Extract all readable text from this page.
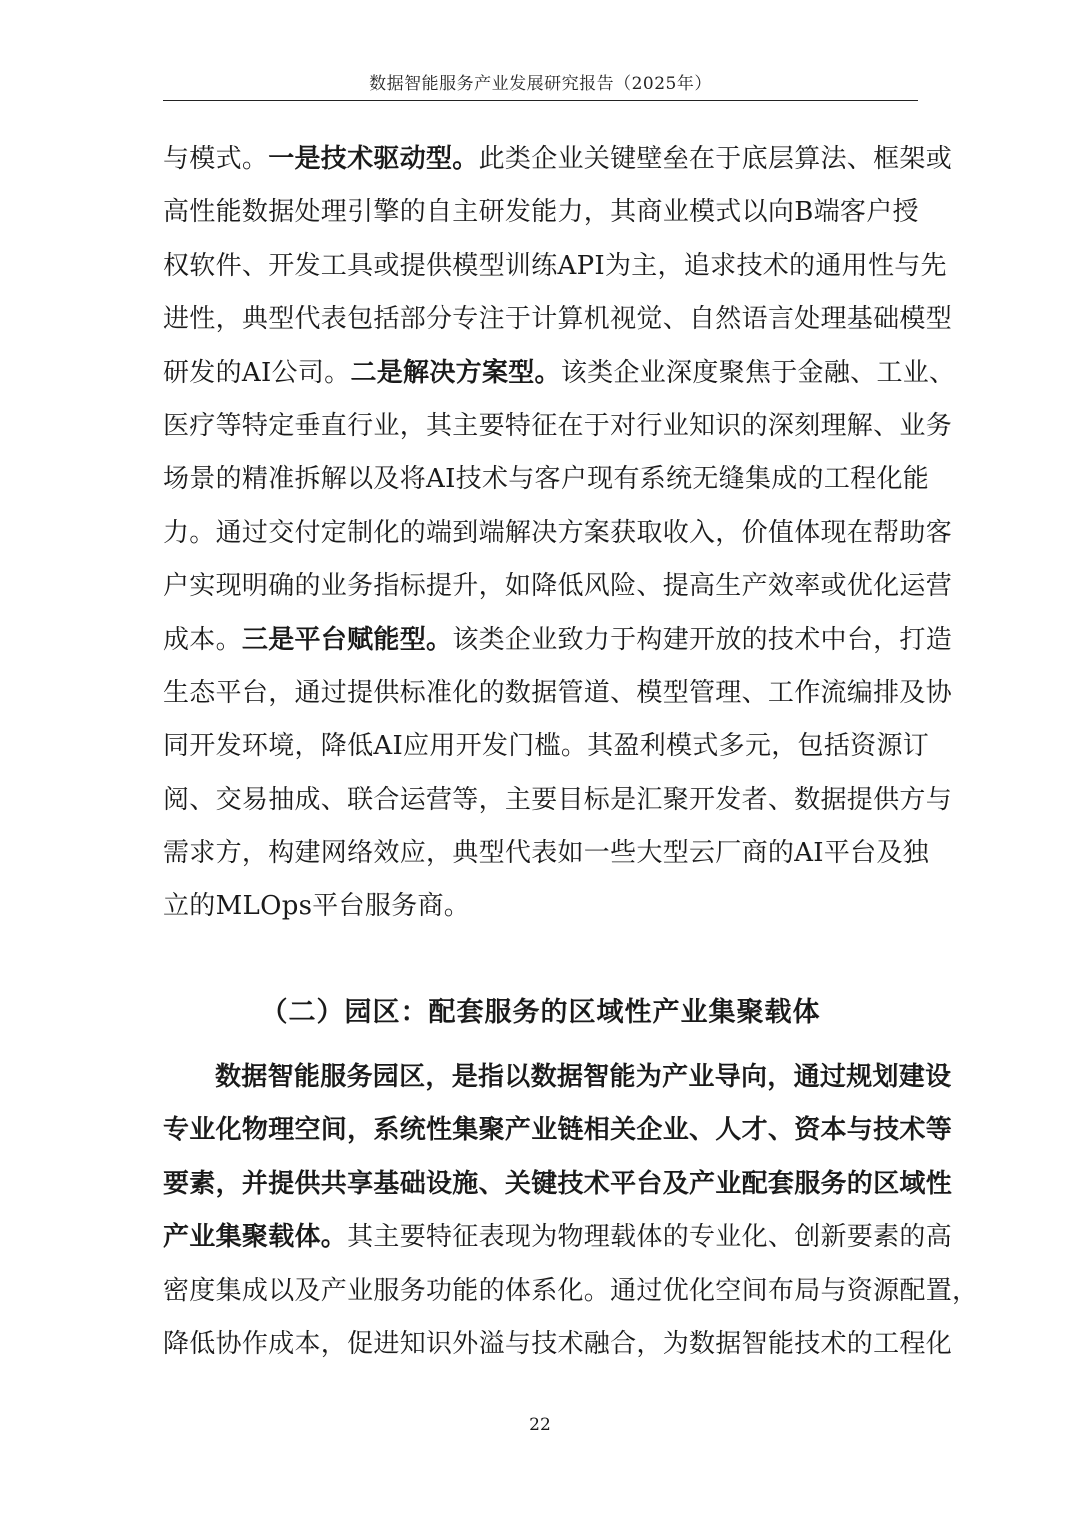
数据智能服务产业发展研究报告（2025年）
与模式。一是技术驱动型。此类企业关键壁垒在于底层算法、框架或
高性能数据处理引擎的自主研发能力，其商业模式以向B端客户授
权软件、开发工具或提供模型训练API为主，追求技术的通用性与先
进性，典型代表包括部分专注于计算机视觉、自然语言处理基础模型
研发的AI公司。二是解决方案型。该类企业深度聚焦于金融、工业、
医疗等特定垂直行业，其主要特征在于对行业知识的深刻理解、业务
场景的精准拆解以及将AI技术与客户现有系统无缝集成的工程化能
力。通过交付定制化的端到端解决方案获取收入，价值体现在帮助客
户实现明确的业务指标提升，如降低风险、提高生产效率或优化运营
成本。三是平台赋能型。该类企业致力于构建开放的技术中台，打造
生态平台，通过提供标准化的数据管道、模型管理、工作流编排及协
同开发环境，降低AI应用开发门槛。其盈利模式多元，包括资源订
阅、交易抽成、联合运营等，主要目标是汇聚开发者、数据提供方与
需求方，构建网络效应，典型代表如一些大型云厂商的AI平台及独
立的MLOps平台服务商。
（二）园区：配套服务的区域性产业集聚载体
数据智能服务园区，是指以数据智能为产业导向，通过规划建设
专业化物理空间，系统性集聚产业链相关企业、人才、资本与技术等
要素，并提供共享基础设施、关键技术平台及产业配套服务的区域性
产业集聚载体。其主要特征表现为物理载体的专业化、创新要素的高
密度集成以及产业服务功能的体系化。通过优化空间布局与资源配置，
降低协作成本，促进知识外溢与技术融合，为数据智能技术的工程化
22
